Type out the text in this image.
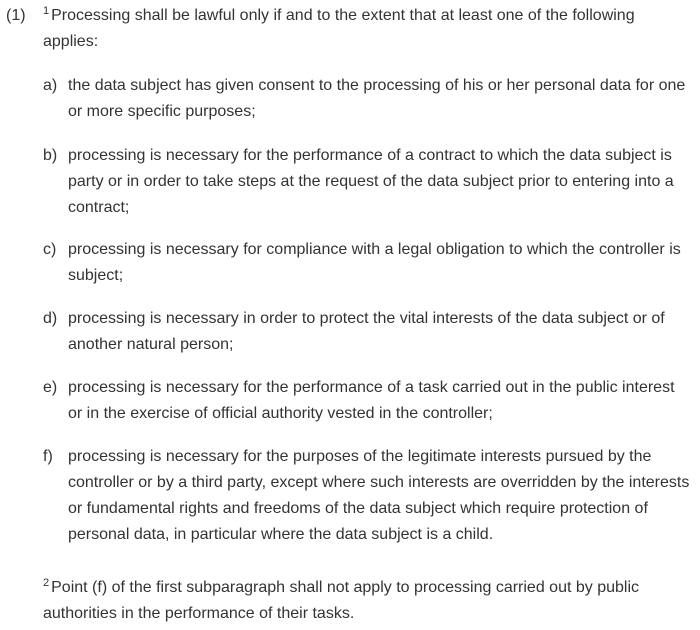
(1) $^1$ Processing shall be lawful only if and to the extent that at least one of the following applies:
a) the data subject has given consent to the processing of his or her personal data for one or more specific purposes;
b) processing is necessary for the performance of a contract to which the data subject is party or in order to take steps at the request of the data subject prior to entering into a contract;
c) processing is necessary for compliance with a legal obligation to which the controller is subject;
d) processing is necessary in order to protect the vital interests of the data subject or of another natural person;
e) processing is necessary for the performance of a task carried out in the public interest or in the exercise of official authority vested in the controller;
f) processing is necessary for the purposes of the legitimate interests pursued by the controller or by a third party, except where such interests are overridden by the interests or fundamental rights and freedoms of the data subject which require protection of personal data, in particular where the data subject is a child.
$^2$ Point (f) of the first subparagraph shall not apply to processing carried out by public authorities in the performance of their tasks.
